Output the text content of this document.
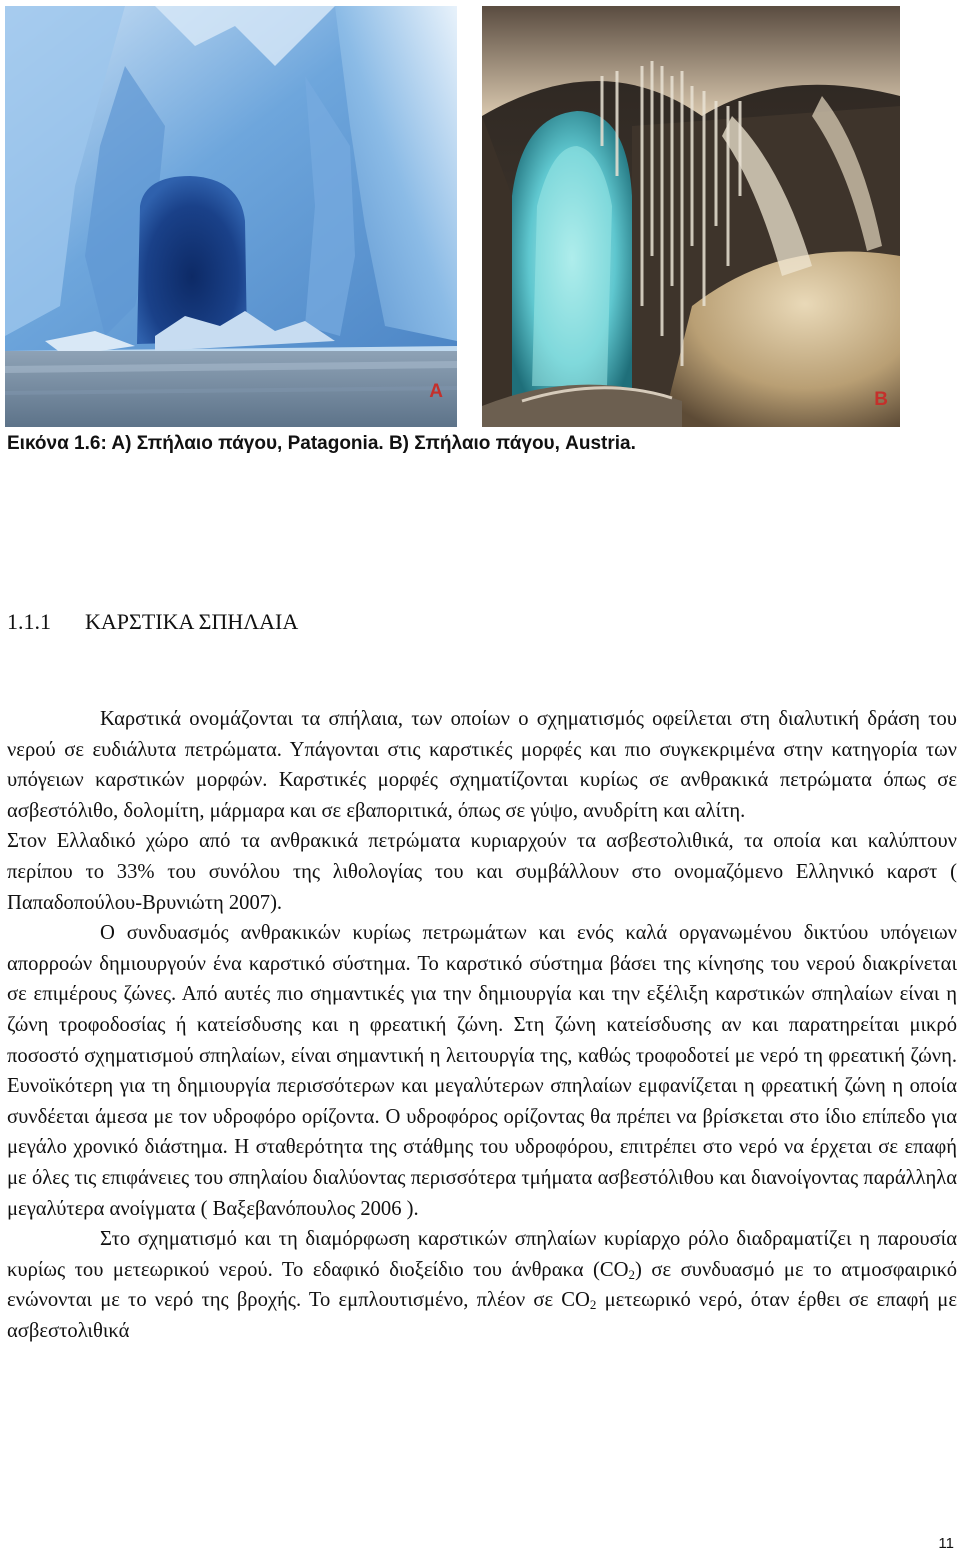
A	B
Εικόνα 1.6: Α) Σπήλαιο πάγου, Patagonia. Β) Σπήλαιο πάγου, Austria.
1.1.1 ΚΑΡΣΤΙΚΑ ΣΠΗΛΑΙΑ

Καρστικά ονομάζονται τα σπήλαια, των οποίων ο σχηματισμός οφείλεται στη διαλυτική δράση του νερού σε ευδιάλυτα πετρώματα. Υπάγονται στις καρστικές μορφές και πιο συγκεκριμένα στην κατηγορία των υπόγειων καρστικών μορφών. Καρστικές μορφές σχηματίζονται κυρίως σε ανθρακικά πετρώματα όπως σε ασβεστόλιθο, δολομίτη, μάρμαρα και σε εβαποριτικά, όπως σε γύψο, ανυδρίτη και αλίτη.

Στον Ελλαδικό χώρο από τα ανθρακικά πετρώματα κυριαρχούν τα ασβεστολιθικά, τα οποία και καλύπτουν περίπου το 33% του συνόλου της λιθολογίας του και συμβάλλουν στο ονομαζόμενο Ελληνικό καρστ ( Παπαδοπούλου-Βρυνιώτη 2007).

Ο συνδυασμός ανθρακικών κυρίως πετρωμάτων και ενός καλά οργανωμένου δικτύου υπόγειων απορροών δημιουργούν ένα καρστικό σύστημα. Το καρστικό σύστημα βάσει της κίνησης του νερού διακρίνεται σε επιμέρους ζώνες. Από αυτές πιο σημαντικές για την δημιουργία και την εξέλιξη καρστικών σπηλαίων είναι η ζώνη τροφοδοσίας ή κατείσδυσης και η φρεατική ζώνη. Στη ζώνη κατείσδυσης αν και παρατηρείται μικρό ποσοστό σχηματισμού σπηλαίων, είναι σημαντική η λειτουργία της, καθώς τροφοδοτεί με νερό τη φρεατική ζώνη. Ευνοϊκότερη για τη δημιουργία περισσότερων και μεγαλύτερων σπηλαίων εμφανίζεται η φρεατική ζώνη η οποία συνδέεται άμεσα με τον υδροφόρο ορίζοντα. Ο υδροφόρος ορίζοντας θα πρέπει να βρίσκεται στο ίδιο επίπεδο για μεγάλο χρονικό διάστημα. Η σταθερότητα της στάθμης του υδροφόρου, επιτρέπει στο νερό να έρχεται σε επαφή με όλες τις επιφάνειες του σπηλαίου διαλύοντας περισσότερα τμήματα ασβεστόλιθου και διανοίγοντας παράλληλα μεγαλύτερα ανοίγματα ( Βαξεβανόπουλος 2006 ).

Στο σχηματισμό και τη διαμόρφωση καρστικών σπηλαίων κυρίαρχο ρόλο διαδραματίζει η παρουσία κυρίως του μετεωρικού νερού. Το εδαφικό διοξείδιο του άνθρακα $(CO_2)$ σε συνδυασμό με το ατμοσφαιρικό ενώνονται με το νερό της βροχής. Το εμπλουτισμένο, πλέον σε $CO_2$ μετεωρικό νερό, όταν έρθει σε επαφή με ασβεστολιθικά

11
